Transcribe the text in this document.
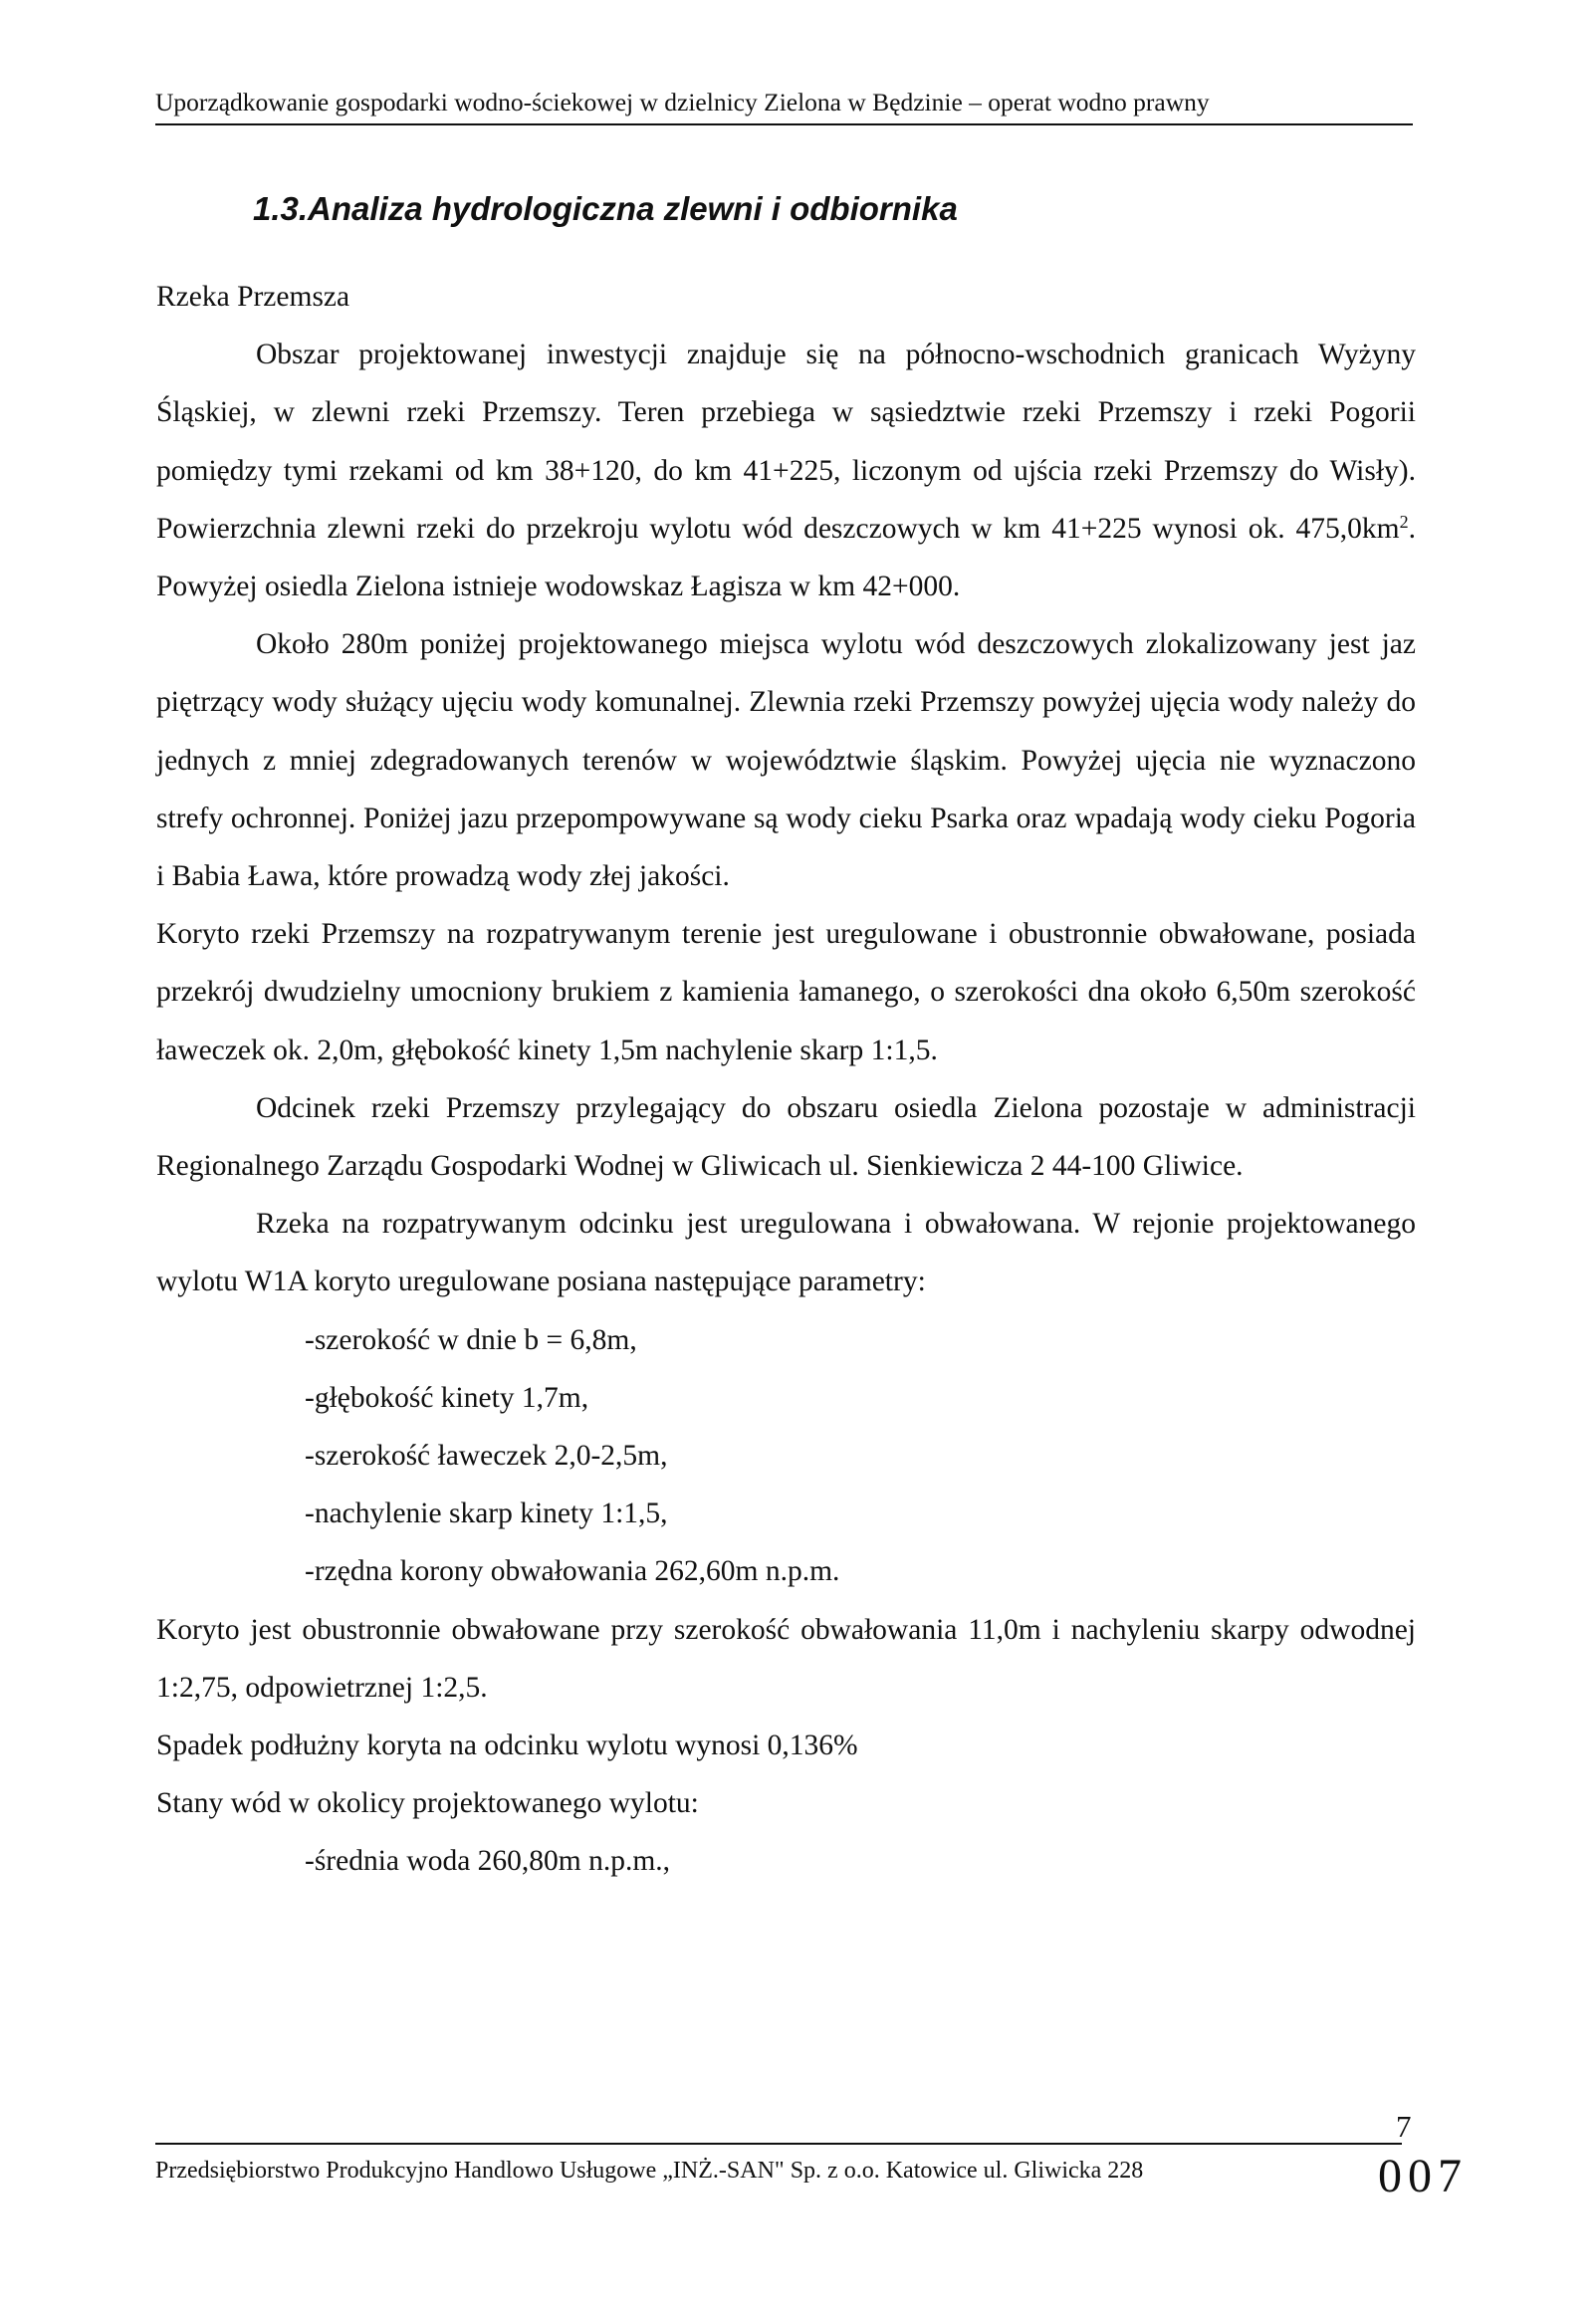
Uporządkowanie gospodarki wodno-ściekowej w dzielnicy Zielona w Będzinie – operat wodno prawny
1.3.Analiza hydrologiczna zlewni i odbiornika

Rzeka Przemsza

Obszar projektowanej inwestycji znajduje się na północno-wschodnich granicach Wyżyny Śląskiej, w zlewni rzeki Przemszy. Teren przebiega w sąsiedztwie rzeki Przemszy i rzeki Pogorii pomiędzy tymi rzekami od km 38+120, do km 41+225, liczonym od ujścia rzeki Przemszy do Wisły). Powierzchnia zlewni rzeki do przekroju wylotu wód deszczowych w km 41+225 wynosi ok. $475,0km^2$. Powyżej osiedla Zielona istnieje wodowskaz Łagisza w km 42+000.

Około 280m poniżej projektowanego miejsca wylotu wód deszczowych zlokalizowany jest jaz piętrzący wody służący ujęciu wody komunalnej. Zlewnia rzeki Przemszy powyżej ujęcia wody należy do jednych z mniej zdegradowanych terenów w województwie śląskim. Powyżej ujęcia nie wyznaczono strefy ochronnej. Poniżej jazu przepompowywane są wody cieku Psarka oraz wpadają wody cieku Pogoria i Babia Ława, które prowadzą wody złej jakości.

Koryto rzeki Przemszy na rozpatrywanym terenie jest uregulowane i obustronnie obwałowane, posiada przekrój dwudzielny umocniony brukiem z kamienia łamanego, o szerokości dna około 6,50m szerokość ławeczek ok. 2,0m, głębokość kinety 1,5m nachylenie skarp 1:1,5.

Odcinek rzeki Przemszy przylegający do obszaru osiedla Zielona pozostaje w administracji Regionalnego Zarządu Gospodarki Wodnej w Gliwicach ul. Sienkiewicza 2 44-100 Gliwice.

Rzeka na rozpatrywanym odcinku jest uregulowana i obwałowana. W rejonie projektowanego wylotu W1A koryto uregulowane posiana następujące parametry:

-szerokość w dnie b = 6,8m,
-głębokość kinety 1,7m,
-szerokość ławeczek 2,0-2,5m,
-nachylenie skarp kinety 1:1,5,
-rzędna korony obwałowania 262,60m n.p.m.

Koryto jest obustronnie obwałowane przy szerokość obwałowania 11,0m i nachyleniu skarpy odwodnej 1:2,75, odpowietrznej 1:2,5.

Spadek podłużny koryta na odcinku wylotu wynosi 0,136%

Stany wód w okolicy projektowanego wylotu:

-średnia woda 260,80m n.p.m.,
7
Przedsiębiorstwo Produkcyjno Handlowo Usługowe „INŻ.-SAN" Sp. z o.o. Katowice ul. Gliwicka 228	007
